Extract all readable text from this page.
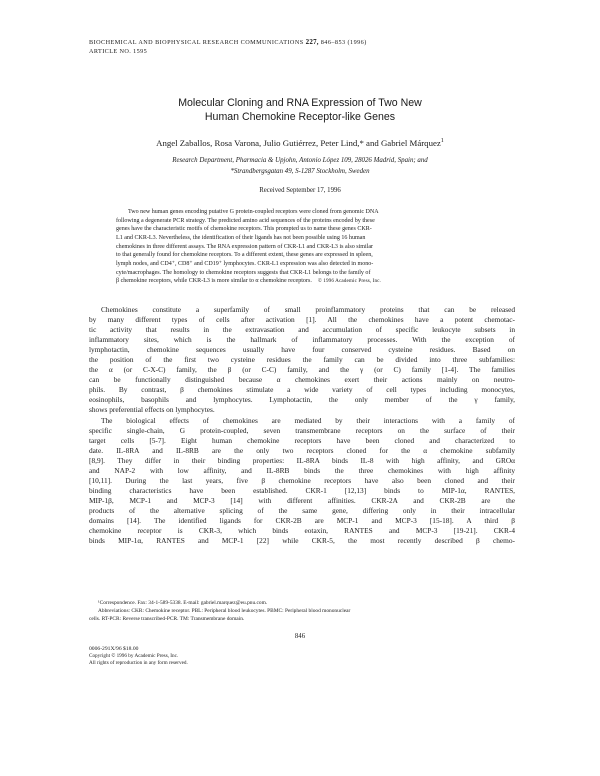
BIOCHEMICAL AND BIOPHYSICAL RESEARCH COMMUNICATIONS 227, 846–853 (1996)
ARTICLE NO. 1595
Molecular Cloning and RNA Expression of Two New
Human Chemokine Receptor-like Genes
Angel Zaballos, Rosa Varona, Julio Gutiérrez, Peter Lind,* and Gabriel Márquez$^1$
Research Department, Pharmacia & Upjohn, Antonio López 109, 28026 Madrid, Spain; and
*Strandbergsgatan 49, S-1287 Stockholm, Sweden
Received September 17, 1996
Two new human genes encoding putative G protein-coupled receptors were cloned from genomic DNA
following a degenerate PCR strategy. The predicted amino acid sequences of the proteins encoded by these
genes have the characteristic motifs of chemokine receptors. This prompted us to name these genes CKR-
L1 and CKR-L3. Nevertheless, the identification of their ligands has not been possible using 16 human
chemokines in three different assays. The RNA expression pattern of CKR-L1 and CKR-L3 is also similar
to that generally found for chemokine receptors. To a different extent, these genes are expressed in spleen,
lymph nodes, and CD4⁺, CD8⁺ and CD19⁺ lymphocytes. CKR-L1 expression was also detected in mono-
cyte/macrophages. The homology to chemokine receptors suggests that CKR-L1 belongs to the family of
β chemokine receptors, while CKR-L3 is more similar to α chemokine receptors. © 1996 Academic Press, Inc.
Chemokines constitute a superfamily of small proinflammatory proteins that can be released
by many different types of cells after activation [1]. All the chemokines have a potent chemotac-
tic activity that results in the extravasation and accumulation of specific leukocyte subsets in
inflammatory sites, which is the hallmark of inflammatory processes. With the exception of
lymphotactin, chemokine sequences usually have four conserved cysteine residues. Based on
the position of the first two cysteine residues the family can be divided into three subfamilies:
the α (or C-X-C) family, the β (or C-C) family, and the γ (or C) family [1-4]. The families
can be functionally distinguished because α chemokines exert their actions mainly on neutro-
phils. By contrast, β chemokines stimulate a wide variety of cell types including monocytes,
eosinophils, basophils and lymphocytes. Lymphotactin, the only member of the γ family,
shows preferential effects on lymphocytes.
The biological effects of chemokines are mediated by their interactions with a family of
specific single-chain, G protein-coupled, seven transmembrane receptors on the surface of their
target cells [5-7]. Eight human chemokine receptors have been cloned and characterized to
date. IL-8RA and IL-8RB are the only two receptors cloned for the α chemokine subfamily
[8,9]. They differ in their binding properties: IL-8RA binds IL-8 with high affinity, and GROα
and NAP-2 with low affinity, and IL-8RB binds the three chemokines with high affinity
[10,11]. During the last years, five β chemokine receptors have also been cloned and their
binding characteristics have been established. CKR-1 [12,13] binds to MIP-1α, RANTES,
MIP-1β, MCP-1 and MCP-3 [14] with different affinities. CKR-2A and CKR-2B are the
products of the alternative splicing of the same gene, differing only in their intracellular
domains [14]. The identified ligands for CKR-2B are MCP-1 and MCP-3 [15-18]. A third β
chemokine receptor is CKR-3, which binds eotaxin, RANTES and MCP-3 [19-21]. CKR-4
binds MIP-1α, RANTES and MCP-1 [22] while CKR-5, the most recently described β chemo-
¹Correspondence. Fax: 34-1-589-5338. E-mail: gabriel.marquez@eu.pnu.com.
Abbreviations: CKR: Chemokine receptor. PBL: Peripheral blood leukocytes. PBMC: Peripheral blood mononuclear
cells. RT-PCR: Reverse transcribed-PCR. TM: Transmembrane domain.
846
0006-291X/96 $18.00
Copyright © 1996 by Academic Press, Inc.
All rights of reproduction in any form reserved.
